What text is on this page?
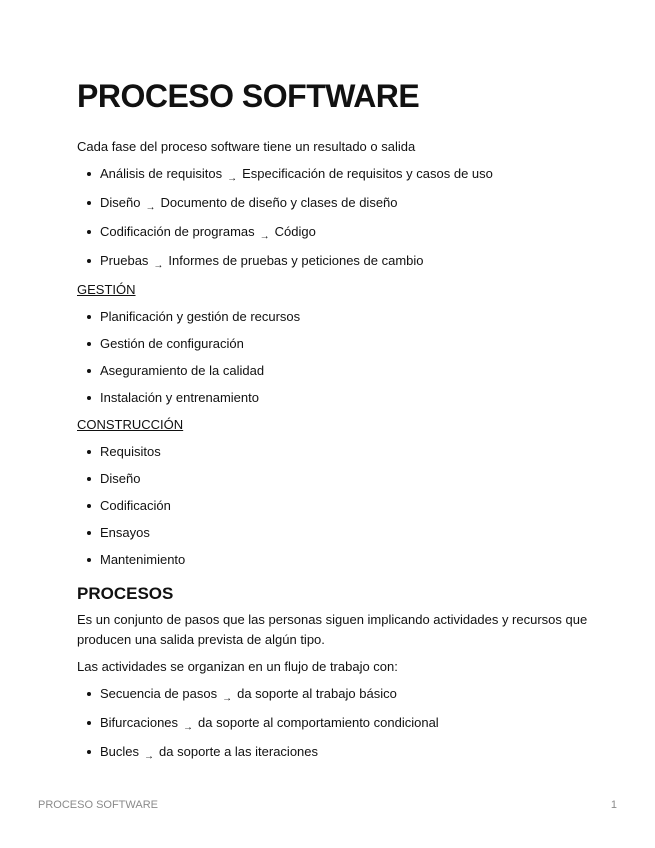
PROCESO SOFTWARE

Cada fase del proceso software tiene un resultado o salida

Análisis de requisitos → Especificación de requisitos y casos de uso
Diseño → Documento de diseño y clases de diseño
Codificación de programas → Código
Pruebas → Informes de pruebas y peticiones de cambio

GESTIÓN

Planificación y gestión de recursos
Gestión de configuración
Aseguramiento de la calidad
Instalación y entrenamiento

CONSTRUCCIÓN

Requisitos
Diseño
Codificación
Ensayos
Mantenimiento
PROCESOS

Es un conjunto de pasos que las personas siguen implicando actividades y recursos que producen una salida prevista de algún tipo.

Las actividades se organizan en un flujo de trabajo con:

Secuencia de pasos → da soporte al trabajo básico
Bifurcaciones → da soporte al comportamiento condicional
Bucles → da soporte a las iteraciones
PROCESO SOFTWARE	1
